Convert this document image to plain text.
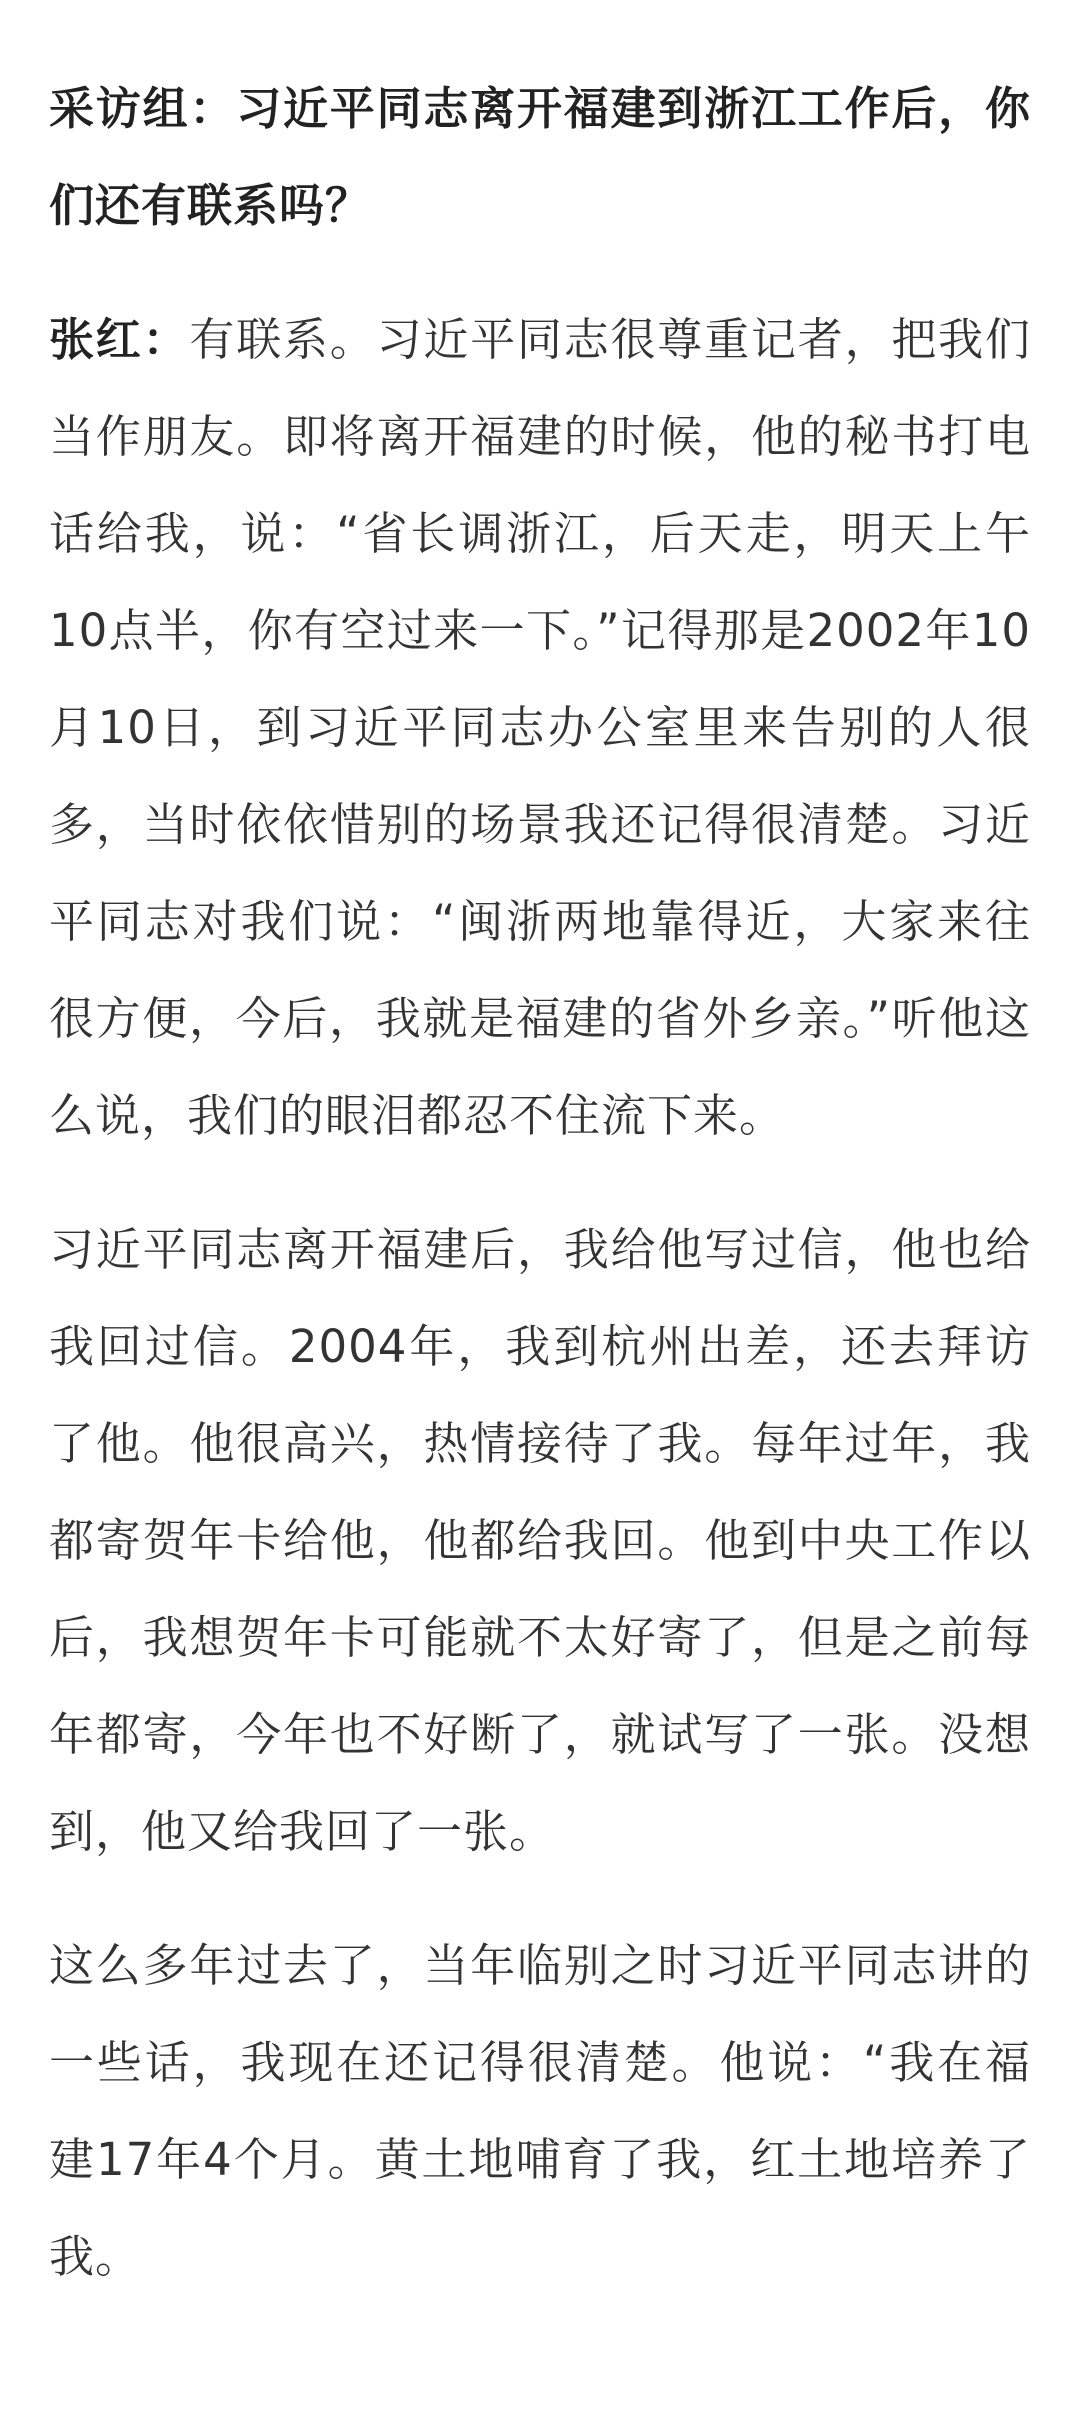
采访组：习近平同志离开福建到浙江工作后，你们还有联系吗？

张红：有联系。习近平同志很尊重记者，把我们当作朋友。即将离开福建的时候，他的秘书打电话给我，说：“省长调浙江，后天走，明天上午10点半，你有空过来一下。”记得那是2002年10月10日，到习近平同志办公室里来告别的人很多，当时依依惜别的场景我还记得很清楚。习近平同志对我们说：“闽浙两地靠得近，大家来往很方便，今后，我就是福建的省外乡亲。”听他这么说，我们的眼泪都忍不住流下来。

习近平同志离开福建后，我给他写过信，他也给我回过信。2004年，我到杭州出差，还去拜访了他。他很高兴，热情接待了我。每年过年，我都寄贺年卡给他，他都给我回。他到中央工作以后，我想贺年卡可能就不太好寄了，但是之前每年都寄，今年也不好断了，就试写了一张。没想到，他又给我回了一张。

这么多年过去了，当年临别之时习近平同志讲的一些话，我现在还记得很清楚。他说：“我在福建17年4个月。黄土地哺育了我，红土地培养了我。
